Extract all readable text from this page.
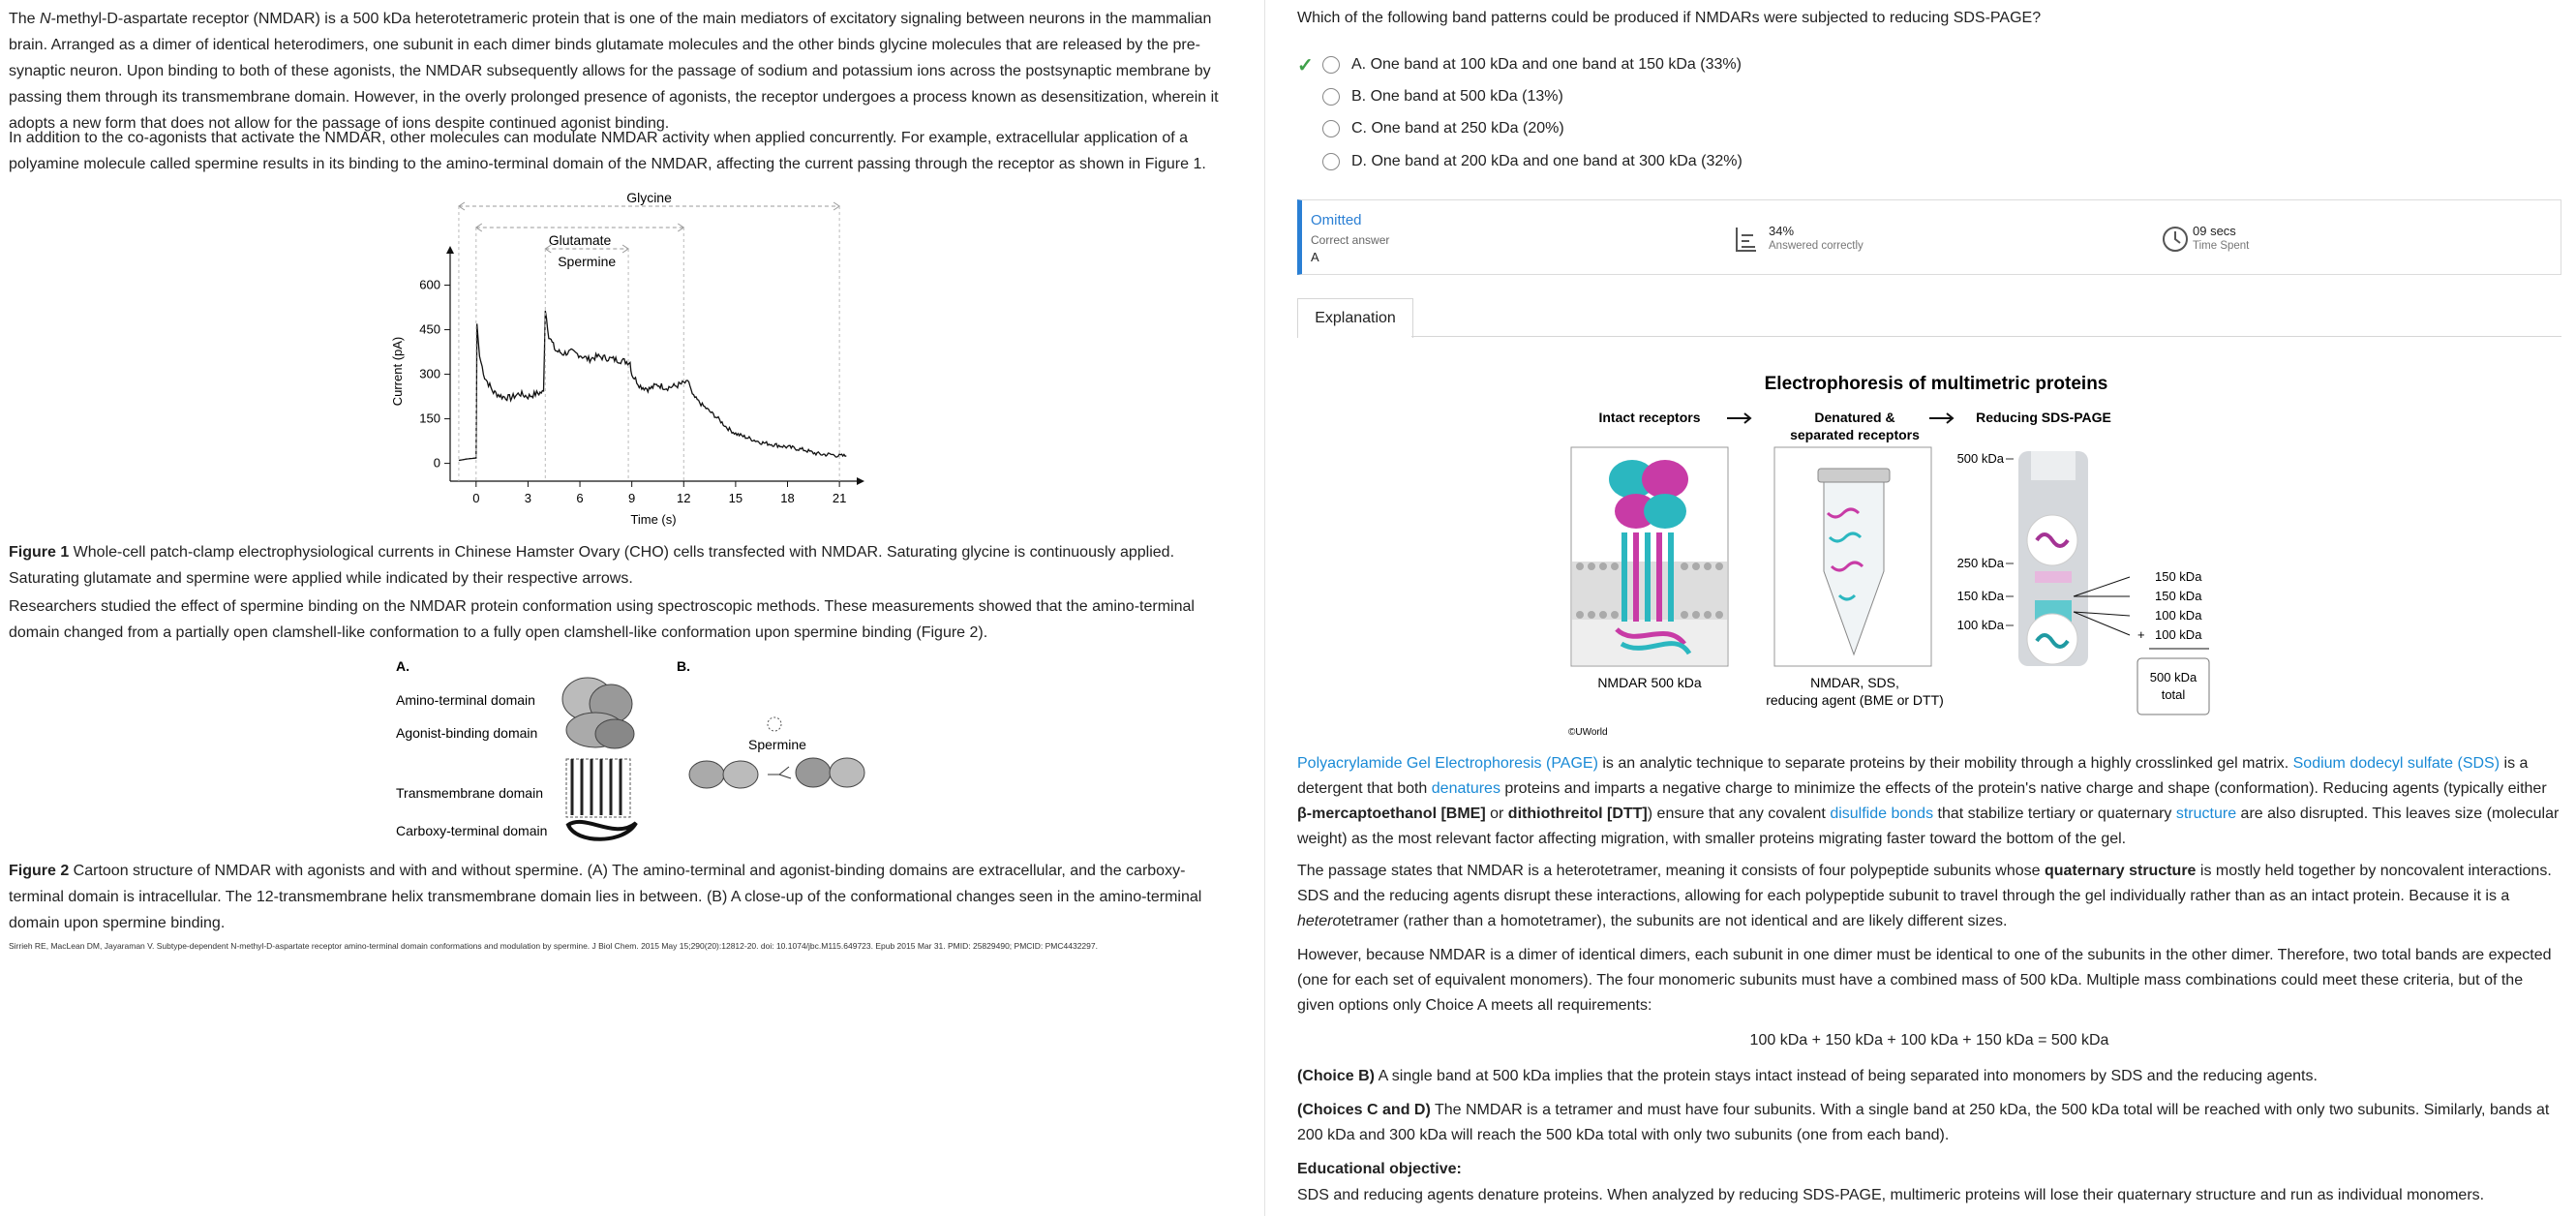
The N-methyl-D-aspartate receptor (NMDAR) is a 500 kDa heterotetrameric protein that is one of the main mediators of excitatory signaling between neurons in the mammalian brain. Arranged as a dimer of identical heterodimers, one subunit in each dimer binds glutamate molecules and the other binds glycine molecules that are released by the pre-synaptic neuron. Upon binding to both of these agonists, the NMDAR subsequently allows for the passage of sodium and potassium ions across the postsynaptic membrane by passing them through its transmembrane domain. However, in the overly prolonged presence of agonists, the receptor undergoes a process known as desensitization, wherein it adopts a new form that does not allow for the passage of ions despite continued agonist binding.

In addition to the co-agonists that activate the NMDAR, other molecules can modulate NMDAR activity when applied concurrently. For example, extracellular application of a polyamine molecule called spermine results in its binding to the amino-terminal domain of the NMDAR, affecting the current passing through the receptor as shown in Figure 1.

0	3	6	9	12	15	18	21
0
150
300
450
600
Time (s)
Current (pA)
Glycine
Glutamate
Spermine

Figure 1 Whole-cell patch-clamp electrophysiological currents in Chinese Hamster Ovary (CHO) cells transfected with NMDAR. Saturating glycine is continuously applied. Saturating glutamate and spermine were applied while indicated by their respective arrows.

Researchers studied the effect of spermine binding on the NMDAR protein conformation using spectroscopic methods. These measurements showed that the amino-terminal domain changed from a partially open clamshell-like conformation to a fully open clamshell-like conformation upon spermine binding (Figure 2).

A.	B.
Amino-terminal domain
Agonist-binding domain
Transmembrane domain
Carboxy-terminal domain
Spermine

Figure 2 Cartoon structure of NMDAR with agonists and with and without spermine. (A) The amino-terminal and agonist-binding domains are extracellular, and the carboxy-terminal domain is intracellular. The 12-transmembrane helix transmembrane domain lies in between. (B) A close-up of the conformational changes seen in the amino-terminal domain upon spermine binding.

Sirrieh RE, MacLean DM, Jayaraman V. Subtype-dependent N-methyl-D-aspartate receptor amino-terminal domain conformations and modulation by spermine. J Biol Chem. 2015 May 15;290(20):12812-20. doi: 10.1074/jbc.M115.649723. Epub 2015 Mar 31. PMID: 25829490; PMCID: PMC4432297.
Which of the following band patterns could be produced if NMDARs were subjected to reducing SDS-PAGE?
✓	A. One band at 100 kDa and one band at 150 kDa (33%)
B. One band at 500 kDa (13%)
C. One band at 250 kDa (20%)
D. One band at 200 kDa and one band at 300 kDa (32%)
Omitted
Correct answer
A
34%
Answered correctly
09 secs
Time Spent
Explanation
Electrophoresis of multimetric proteins
Intact receptors	Denatured &
separated receptors
Reducing SDS-PAGE
NMDAR 500 kDa	NMDAR, SDS,
reducing agent (BME or DTT)
500 kDa
250 kDa
150 kDa
100 kDa
150 kDa
150 kDa
100 kDa
100 kDa
+
500 kDa
total
©UWorld

Polyacrylamide Gel Electrophoresis (PAGE) is an analytic technique to separate proteins by their mobility through a highly crosslinked gel matrix. Sodium dodecyl sulfate (SDS) is a detergent that both denatures proteins and imparts a negative charge to minimize the effects of the protein's native charge and shape (conformation). Reducing agents (typically either β-mercaptoethanol [BME] or dithiothreitol [DTT]) ensure that any covalent disulfide bonds that stabilize tertiary or quaternary structure are also disrupted. This leaves size (molecular weight) as the most relevant factor affecting migration, with smaller proteins migrating faster toward the bottom of the gel.

The passage states that NMDAR is a heterotetramer, meaning it consists of four polypeptide subunits whose quaternary structure is mostly held together by noncovalent interactions. SDS and the reducing agents disrupt these interactions, allowing for each polypeptide subunit to travel through the gel individually rather than as an intact protein. Because it is a heterotetramer (rather than a homotetramer), the subunits are not identical and are likely different sizes.

However, because NMDAR is a dimer of identical dimers, each subunit in one dimer must be identical to one of the subunits in the other dimer. Therefore, two total bands are expected (one for each set of equivalent monomers). The four monomeric subunits must have a combined mass of 500 kDa. Multiple mass combinations could meet these criteria, but of the given options only Choice A meets all requirements:

100 kDa + 150 kDa + 100 kDa + 150 kDa = 500 kDa

(Choice B) A single band at 500 kDa implies that the protein stays intact instead of being separated into monomers by SDS and the reducing agents.

(Choices C and D) The NMDAR is a tetramer and must have four subunits. With a single band at 250 kDa, the 500 kDa total will be reached with only two subunits. Similarly, bands at 200 kDa and 300 kDa will reach the 500 kDa total with only two subunits (one from each band).

Educational objective:

SDS and reducing agents denature proteins. When analyzed by reducing SDS-PAGE, multimeric proteins will lose their quaternary structure and run as individual monomers.
